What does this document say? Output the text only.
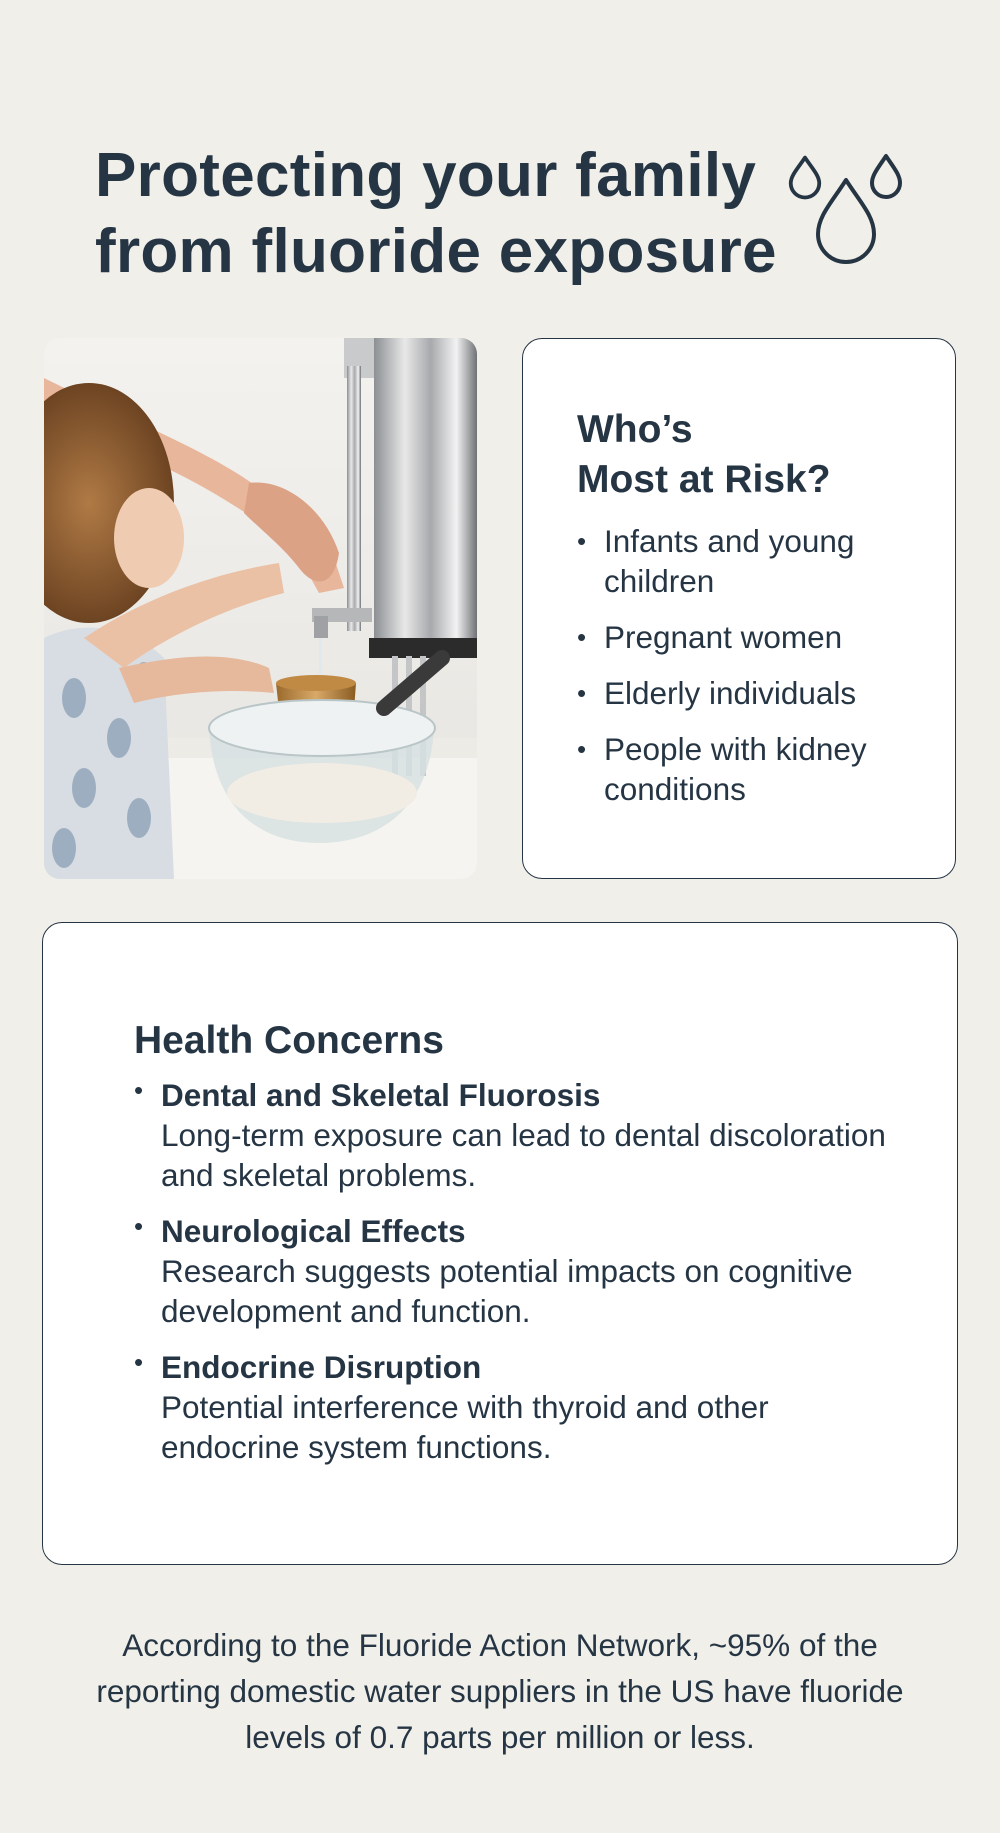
Protecting your family from fluoride exposure
Who’s
Most at Risk?
• Infants and young children
• Pregnant women
• Elderly individuals
• People with kidney conditions
Health Concerns
• Dental and Skeletal Fluorosis
Long-term exposure can lead to dental discoloration and skeletal problems.
• Neurological Effects
Research suggests potential impacts on cognitive development and function.
• Endocrine Disruption
Potential interference with thyroid and other endocrine system functions.

According to the Fluoride Action Network, ~95% of the reporting domestic water suppliers in the US have fluoride levels of 0.7 parts per million or less.
